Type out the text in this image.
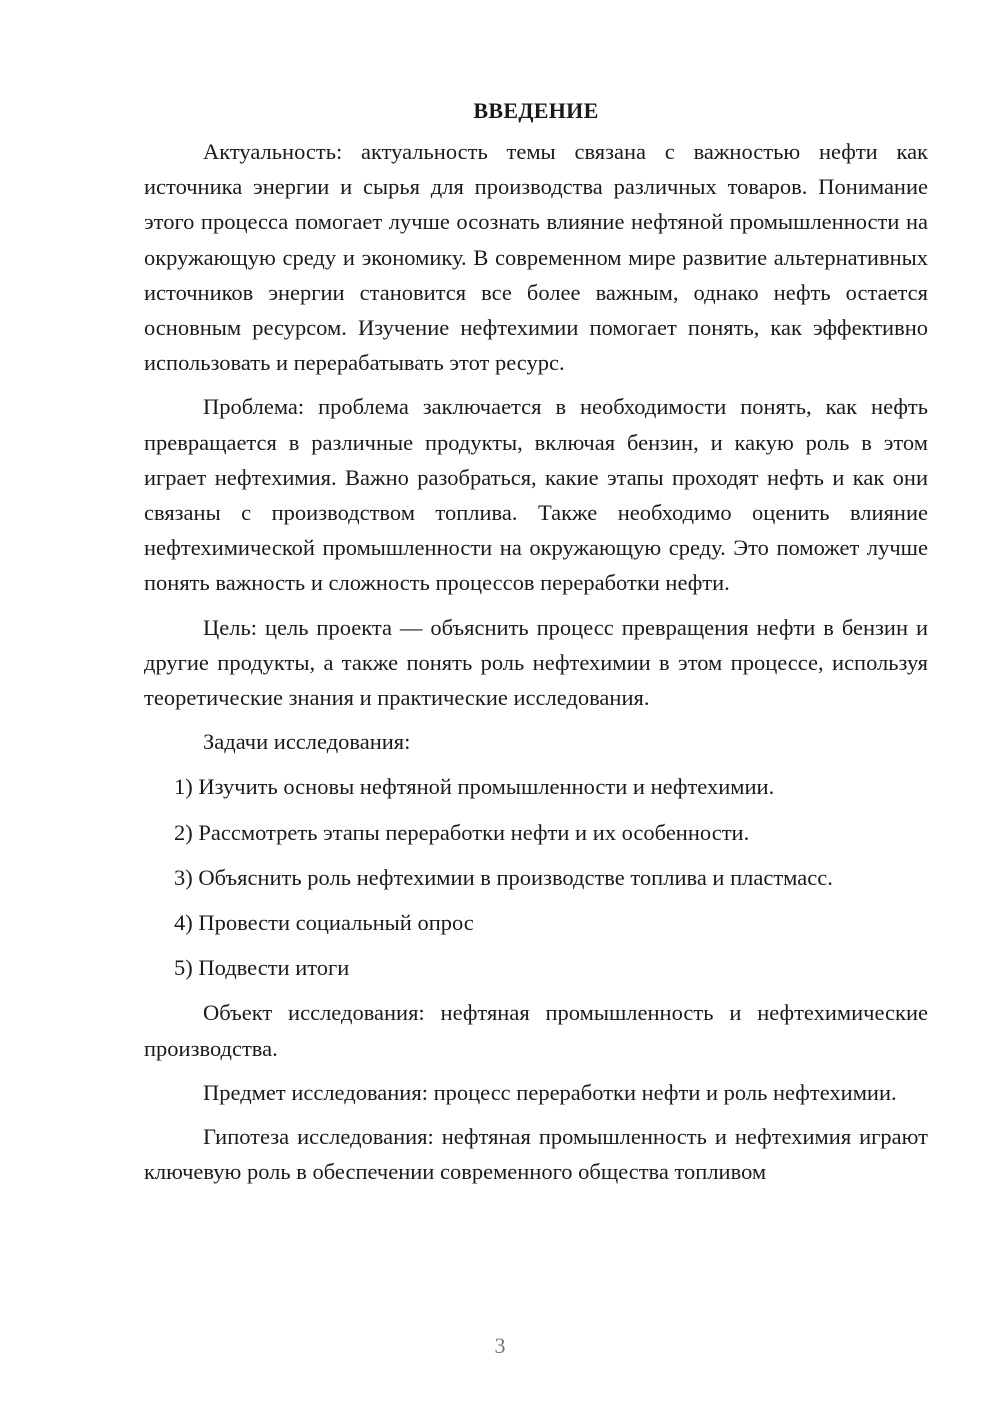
ВВЕДЕНИЕ

Актуальность: актуальность темы связана с важностью нефти как источника энергии и сырья для производства различных товаров. Понимание этого процесса помогает лучше осознать влияние нефтяной промышленности на окружающую среду и экономику. В современном мире развитие альтернативных источников энергии становится все более важным, однако нефть остается основным ресурсом. Изучение нефтехимии помогает понять, как эффективно использовать и перерабатывать этот ресурс.

Проблема: проблема заключается в необходимости понять, как нефть превращается в различные продукты, включая бензин, и какую роль в этом играет нефтехимия. Важно разобраться, какие этапы проходят нефть и как они связаны с производством топлива. Также необходимо оценить влияние нефтехимической промышленности на окружающую среду. Это поможет лучше понять важность и сложность процессов переработки нефти.

Цель: цель проекта — объяснить процесс превращения нефти в бензин и другие продукты, а также понять роль нефтехимии в этом процессе, используя теоретические знания и практические исследования.

Задачи исследования:

1) Изучить основы нефтяной промышленности и нефтехимии.

2) Рассмотреть этапы переработки нефти и их особенности.

3) Объяснить роль нефтехимии в производстве топлива и пластмасс.

4) Провести социальный опрос

5) Подвести итоги

Объект исследования: нефтяная промышленность и нефтехимические производства.

Предмет исследования: процесс переработки нефти и роль нефтехимии.

Гипотеза исследования: нефтяная промышленность и нефтехимия играют ключевую роль в обеспечении современного общества топливом

3
